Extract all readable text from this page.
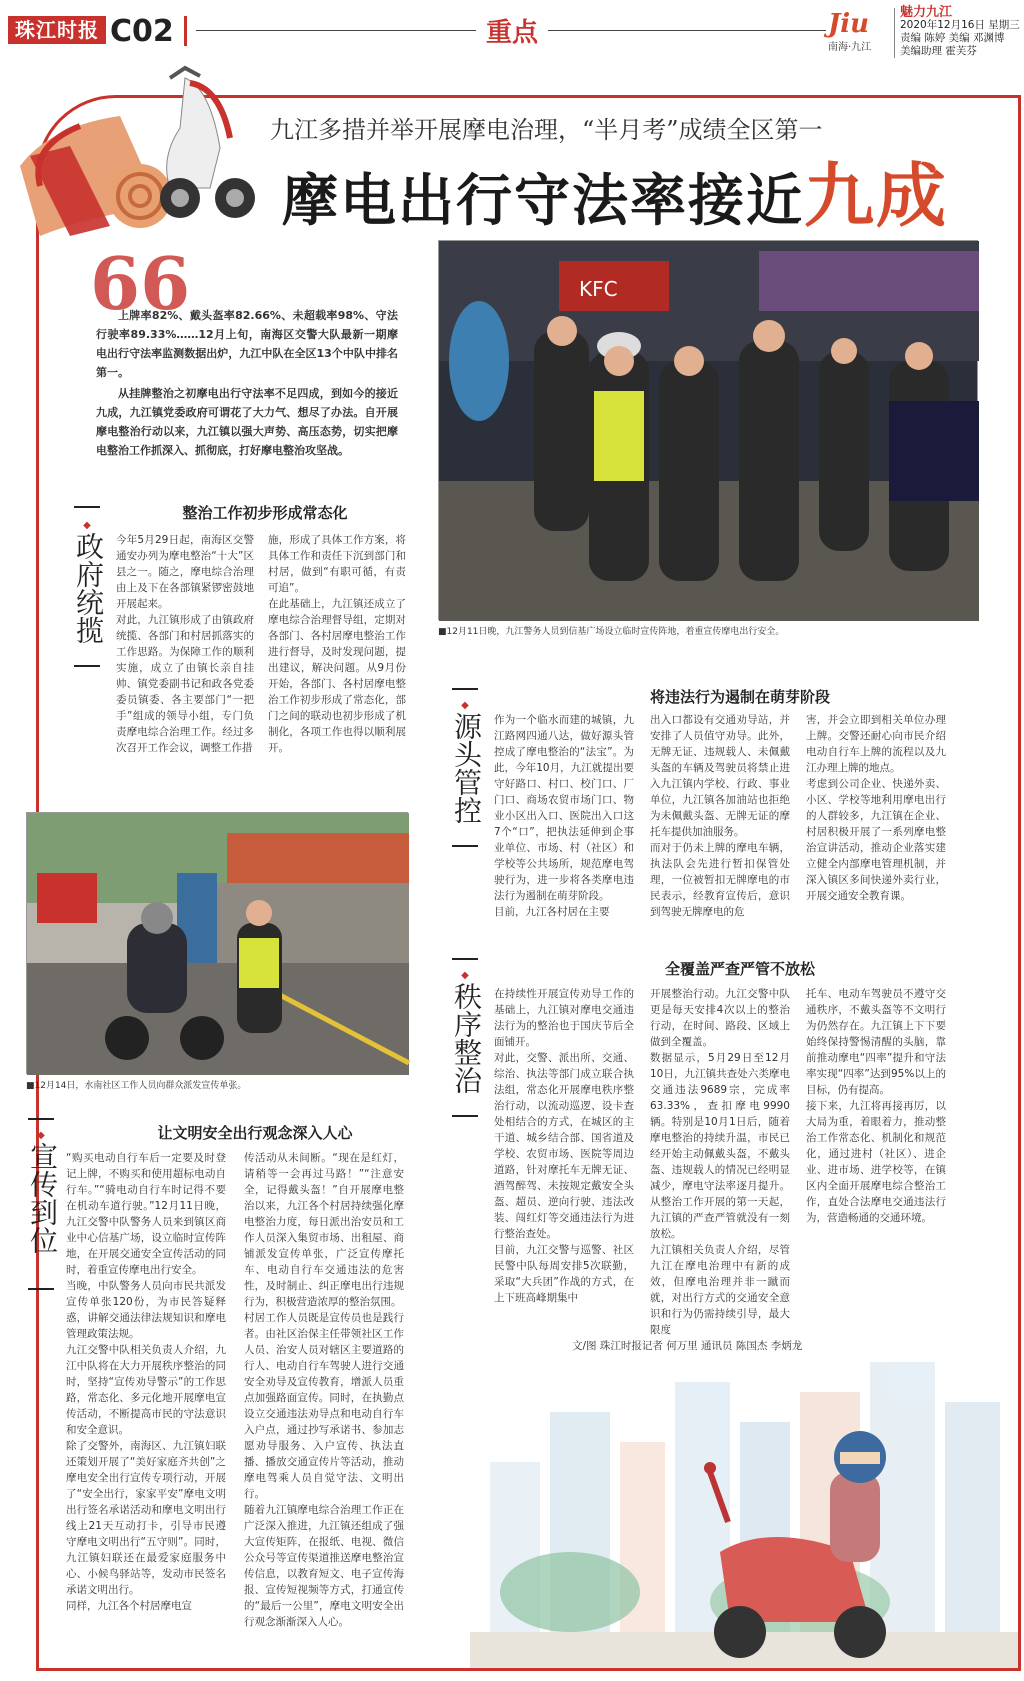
珠江时报 C02	重点	Jiu
南海·九江
魅力九江
2020年12月16日 星期三
责编 陈婷 美编 邓渊博
美编助理 霍芙芬
九江多措并举开展摩电治理，“半月考”成绩全区第一
摩电出行守法率接近九成
66

上牌率82%、戴头盔率82.66%、未超载率98%、守法行驶率89.33%……12月上旬，南海区交警大队最新一期摩电出行守法率监测数据出炉，九江中队在全区13个中队中排名第一。

从挂牌整治之初摩电出行守法率不足四成，到如今的接近九成，九江镇党委政府可谓花了大力气、想尽了办法。自开展摩电整治行动以来，九江镇以强大声势、高压态势，切实把摩电整治工作抓深入、抓彻底，打好摩电整治攻坚战。

KFC
■12月11日晚，九江警务人员到信基广场设立临时宣传阵地，着重宣传摩电出行安全。
◆
政府统揽
整治工作初步形成常态化
今年5月29日起，南海区交警通安办列为摩电整治“十大”区县之一。随之，摩电综合治理由上及下在各部镇紧锣密鼓地开展起来。
对此，九江镇形成了由镇政府统揽、各部门和村居抓落实的工作思路。为保障工作的顺利实施，成立了由镇长亲自挂帅、镇党委副书记和政各党委委员镇委、各主要部门“一把手”组成的领导小组，专门负责摩电综合治理工作。经过多次召开工作会议，调整工作措
施，形成了具体工作方案，将具体工作和责任下沉到部门和村居，做到“有职可循，有责可追”。
在此基础上，九江镇还成立了摩电综合治理督导组，定期对各部门、各村居摩电整治工作进行督导，及时发现问题，提出建议，解决问题。从9月份开始，各部门、各村居摩电整治工作初步形成了常态化，部门之间的联动也初步形成了机制化，各项工作也得以顺利展开。
■12月14日，水南社区工作人员向群众派发宣传单张。
◆
源头管控
将违法行为遏制在萌芽阶段
作为一个临水而建的城镇，九江路网四通八达，做好源头管控成了摩电整治的“法宝”。为此，今年10月，九江就提出要守好路口、村口、校门口、厂门口、商场农贸市场门口、物业小区出入口、医院出入口这7个“口”，把执法延伸到企事业单位、市场、村（社区）和学校等公共场所，规范摩电驾驶行为，进一步将各类摩电违法行为遏制在萌芽阶段。
目前，九江各村居在主要
出入口都设有交通劝导站，并安排了人员值守劝导。此外，无牌无证、违规载人、未佩戴头盔的车辆及驾驶员将禁止进入九江镇内学校、行政、事业单位，九江镇各加油站也拒绝为未佩戴头盔、无牌无证的摩托车提供加油服务。
而对于仍未上牌的摩电车辆，执法队会先进行暂扣保管处理，一位被暂扣无牌摩电的市民表示，经教育宣传后，意识到驾驶无牌摩电的危
害，并会立即到相关单位办理上牌。交警还耐心向市民介绍电动自行车上牌的流程以及九江办理上牌的地点。
考虑到公司企业、快递外卖、小区、学校等地利用摩电出行的人群较多，九江镇在企业、村居积极开展了一系列摩电整治宣讲活动，推动企业落实建立健全内部摩电管理机制，并深入镇区多间快递外卖行业，开展交通安全教育课。
◆
秩序整治
全覆盖严查严管不放松
在持续性开展宣传劝导工作的基础上，九江镇对摩电交通违法行为的整治也于国庆节后全面铺开。
对此，交警、派出所、交通、综治、执法等部门成立联合执法组，常态化开展摩电秩序整治行动，以流动巡逻、设卡查处相结合的方式，在城区的主干道、城乡结合部、国省道及学校、农贸市场、医院等周边道路，针对摩托车无牌无证、酒驾醉驾、未按规定戴安全头盔、超员、逆向行驶、违法改装、闯红灯等交通违法行为进行整治查处。
目前，九江交警与巡警、社区民警中队每周安排5次联勤，采取“大兵团”作战的方式，在上下班高峰期集中
开展整治行动。九江交警中队更是每天安排4次以上的整治行动，在时间、路段、区域上做到全覆盖。
数据显示，5月29日至12月10日，九江镇共查处六类摩电交通违法9689宗，完成率63.33%，查扣摩电9990辆。特别是10月1日后，随着摩电整治的持续升温，市民已经开始主动佩戴头盔，不戴头盔、违规载人的情况已经明显减少，摩电守法率逐月提升。从整治工作开展的第一天起，九江镇的严查严管就没有一刻放松。
九江镇相关负责人介绍，尽管九江在摩电治理中有新的成效，但摩电治理并非一蹴而就，对出行方式的交通安全意识和行为仍需持续引导，最大限度
托车、电动车驾驶员不遵守交通秩序，不戴头盔等不文明行为仍然存在。九江镇上下下要始终保持警惕清醒的头脑，靠前推动摩电“四率”提升和守法率实现“四率”达到95%以上的目标，仍有提高。
接下来，九江将再接再厉，以大局为重，着眼着力，推动整治工作常态化、机制化和规范化，通过进村（社区）、进企业、进市场、进学校等，在镇区内全面开展摩电综合整治工作，直处合法摩电交通违法行为，营造畅通的交通环境。
◆
宣传到位
让文明安全出行观念深入人心
“购买电动自行车后一定要及时登记上牌，不购买和使用超标电动自行车。”“骑电动自行车时记得不要在机动车道行驶。”12月11日晚，九江交警中队警务人员来到镇区商业中心信基广场，设立临时宣传阵地，在开展交通安全宣传活动的同时，着重宣传摩电出行安全。
当晚，中队警务人员向市民共派发宣传单张120份，为市民答疑释惑，讲解交通法律法规知识和摩电管理政策法规。
九江交警中队相关负责人介绍，九江中队将在大力开展秩序整治的同时，坚持“宣传劝导警示”的工作思路，常态化、多元化地开展摩电宣传活动，不断提高市民的守法意识和安全意识。
除了交警外，南海区、九江镇妇联还策划开展了“美好家庭齐共创”之摩电安全出行宣传专项行动，开展了“安全出行，家家平安”摩电文明出行签名承诺活动和摩电文明出行线上21天互动打卡，引导市民遵守摩电文明出行“五守则”。同时，九江镇妇联还在最爱家庭服务中心、小候鸟驿站等，发动市民签名承诺文明出行。
同样，九江各个村居摩电宣
传活动从未间断。“现在是红灯，请稍等一会再过马路！”“注意安全，记得戴头盔！”自开展摩电整治以来，九江各个村居持续强化摩电整治力度，每日派出治安员和工作人员深入集贸市场、出租屋、商铺派发宣传单张，广泛宣传摩托车、电动自行车交通违法的危害性，及时制止、纠正摩电出行违规行为，积极营造浓厚的整治氛围。
村居工作人员既是宣传员也是践行者。由社区治保主任带领社区工作人员、治安人员对辖区主要道路的行人、电动自行车驾驶人进行交通安全劝导及宣传教育，增派人员重点加强路面宣传。同时，在执勤点设立交通违法劝导点和电动自行车入户点，通过抄写承诺书、参加志愿劝导服务、入户宣传、执法直播、播放交通宣传片等活动，推动摩电驾乘人员自觉守法、文明出行。
随着九江镇摩电综合治理工作正在广泛深入推进，九江镇还组成了强大宣传矩阵，在报纸、电视、微信公众号等宣传渠道推送摩电整治宣传信息，以教育短文、电子宣传海报、宣传短视频等方式，打通宣传的“最后一公里”，摩电文明安全出行观念渐渐深入人心。
文/图 珠江时报记者 何万里 通讯员 陈国杰 李炳龙
